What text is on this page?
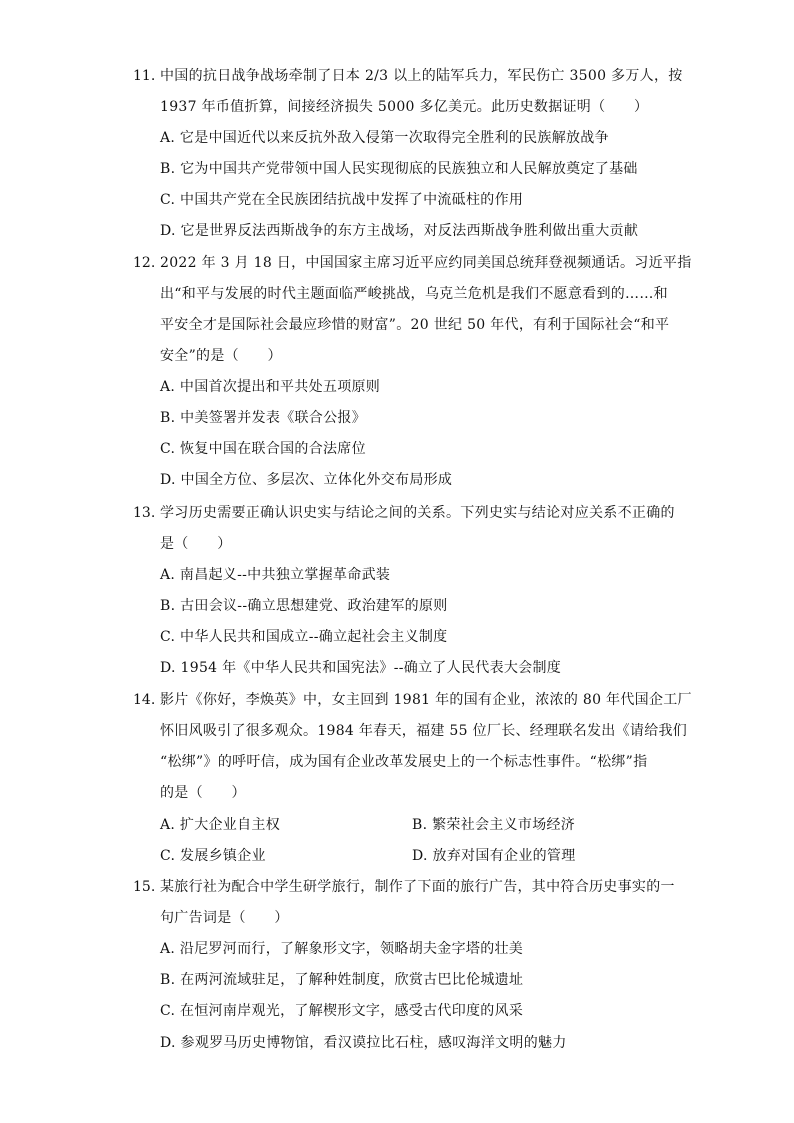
11. 中国的抗日战争战场牵制了日本 2/3 以上的陆军兵力，军民伤亡 3500 多万人，按
1937 年币值折算，间接经济损失 5000 多亿美元。此历史数据证明（　　）
A. 它是中国近代以来反抗外敌入侵第一次取得完全胜利的民族解放战争
B. 它为中国共产党带领中国人民实现彻底的民族独立和人民解放奠定了基础
C. 中国共产党在全民族团结抗战中发挥了中流砥柱的作用
D. 它是世界反法西斯战争的东方主战场，对反法西斯战争胜利做出重大贡献
12. 2022 年 3 月 18 日，中国国家主席习近平应约同美国总统拜登视频通话。习近平指
出“和平与发展的时代主题面临严峻挑战，乌克兰危机是我们不愿意看到的……和
平安全才是国际社会最应珍惜的财富”。20 世纪 50 年代，有利于国际社会“和平
安全”的是（　　）
A. 中国首次提出和平共处五项原则
B. 中美签署并发表《联合公报》
C. 恢复中国在联合国的合法席位
D. 中国全方位、多层次、立体化外交布局形成
13. 学习历史需要正确认识史实与结论之间的关系。下列史实与结论对应关系不正确的
是（　　）
A. 南昌起义--中共独立掌握革命武装
B. 古田会议--确立思想建党、政治建军的原则
C. 中华人民共和国成立--确立起社会主义制度
D. 1954 年《中华人民共和国宪法》--确立了人民代表大会制度
14. 影片《你好，李焕英》中，女主回到 1981 年的国有企业，浓浓的 80 年代国企工厂
怀旧风吸引了很多观众。1984 年春天，福建 55 位厂长、经理联名发出《请给我们
“松绑”》的呼吁信，成为国有企业改革发展史上的一个标志性事件。“松绑”指
的是（　　）
A. 扩大企业自主权	B. 繁荣社会主义市场经济
C. 发展乡镇企业	D. 放弃对国有企业的管理
15. 某旅行社为配合中学生研学旅行，制作了下面的旅行广告，其中符合历史事实的一
句广告词是（　　）
A. 沿尼罗河而行，了解象形文字，领略胡夫金字塔的壮美
B. 在两河流域驻足，了解种姓制度，欣赏古巴比伦城遗址
C. 在恒河南岸观光，了解楔形文字，感受古代印度的风采
D. 参观罗马历史博物馆，看汉谟拉比石柱，感叹海洋文明的魅力
